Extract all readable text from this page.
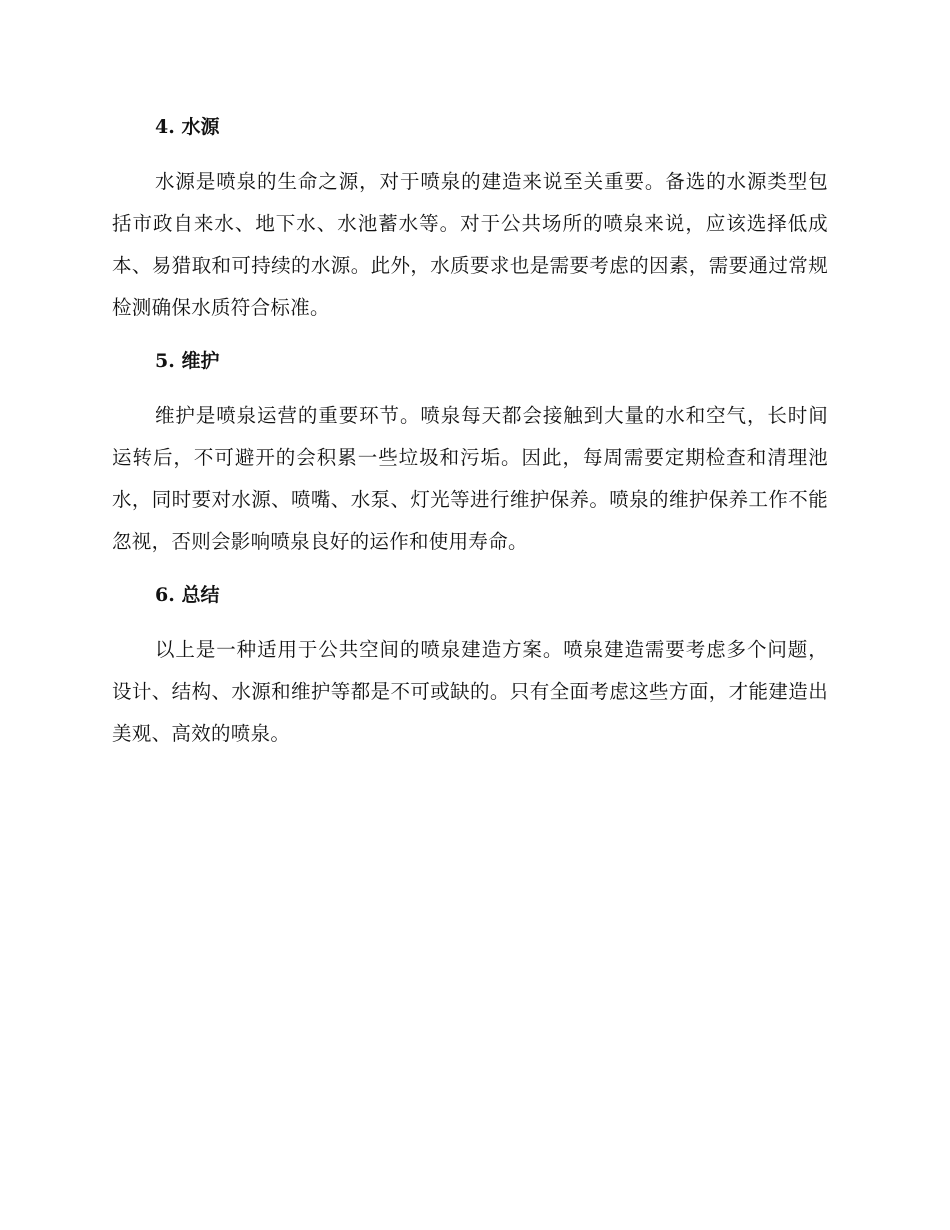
4. 水源

水源是喷泉的生命之源，对于喷泉的建造来说至关重要。备选的水源类型包括市政自来水、地下水、水池蓄水等。对于公共场所的喷泉来说，应该选择低成本、易猎取和可持续的水源。此外，水质要求也是需要考虑的因素，需要通过常规检测确保水质符合标准。

5. 维护

维护是喷泉运营的重要环节。喷泉每天都会接触到大量的水和空气，长时间运转后，不可避开的会积累一些垃圾和污垢。因此，每周需要定期检查和清理池水，同时要对水源、喷嘴、水泵、灯光等进行维护保养。喷泉的维护保养工作不能忽视，否则会影响喷泉良好的运作和使用寿命。

6. 总结

以上是一种适用于公共空间的喷泉建造方案。喷泉建造需要考虑多个问题，设计、结构、水源和维护等都是不可或缺的。只有全面考虑这些方面，才能建造出美观、高效的喷泉。
